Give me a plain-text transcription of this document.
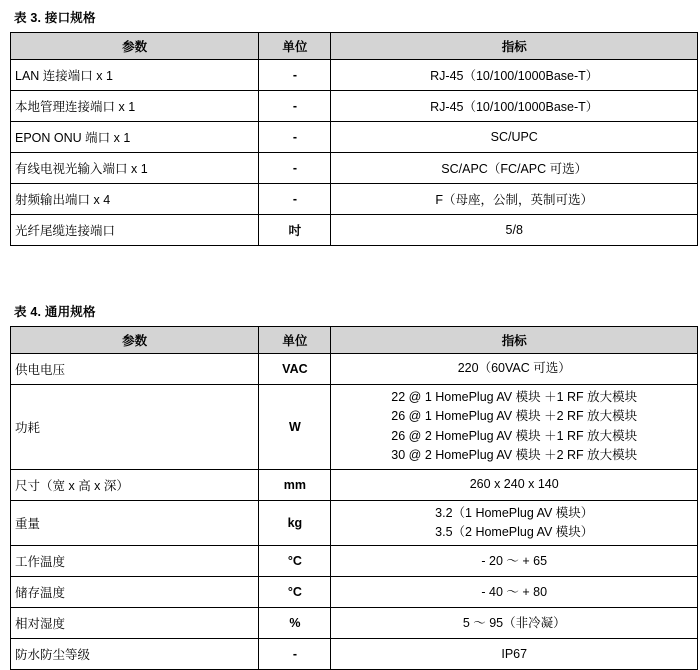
表 3. 接口规格
参数	单位	指标
LAN 连接端口 x 1	-	RJ-45（10/100/1000Base-T）
本地管理连接端口 x 1	-	RJ-45（10/100/1000Base-T）
EPON ONU 端口 x 1	-	SC/UPC
有线电视光输入端口 x 1	-	SC/APC（FC/APC 可选）
射频输出端口 x 4	-	F（母座，公制，英制可选）
光纤尾缆连接端口	吋	5/8
表 4. 通用规格
参数	单位	指标
供电电压	VAC	220（60VAC 可选）

功耗	W	22 @ 1 HomePlug AV 模块 ＋1 RF 放大模块
26 @ 1 HomePlug AV 模块 ＋2 RF 放大模块
26 @ 2 HomePlug AV 模块 ＋1 RF 放大模块
30 @ 2 HomePlug AV 模块 ＋2 RF 放大模块

尺寸（宽 x 高 x 深）	mm	260 x 240 x 140

重量	kg	3.2（1 HomePlug AV 模块）
3.5（2 HomePlug AV 模块）

工作温度	°C	- 20 ～ + 65

储存温度	°C	- 40 ～ + 80

相对湿度	%	5 ～ 95（非冷凝）

防水防尘等级	-	IP67
